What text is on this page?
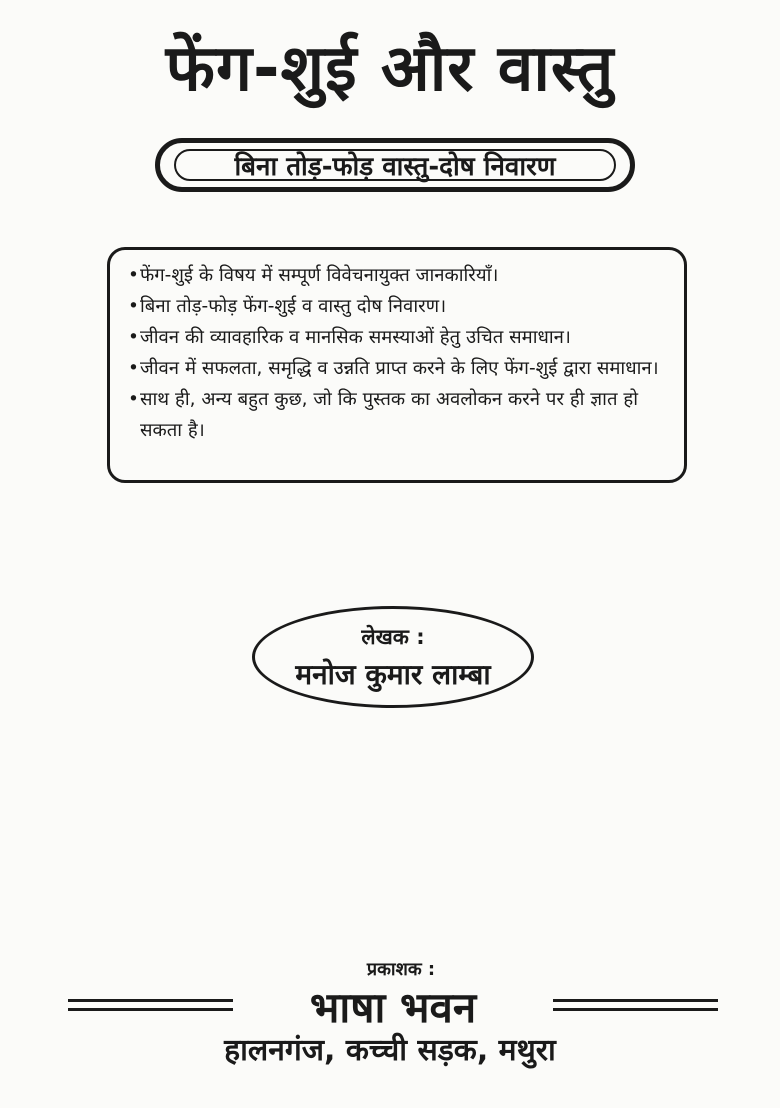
फेंग-शुई और वास्तु
बिना तोड़-फोड़ वास्तु-दोष निवारण
• फेंग-शुई के विषय में सम्पूर्ण विवेचनायुक्त जानकारियाँ।
• बिना तोड़-फोड़ फेंग-शुई व वास्तु दोष निवारण।
• जीवन की व्यावहारिक व मानसिक समस्याओं हेतु उचित समाधान।
• जीवन में सफलता, समृद्धि व उन्नति प्राप्त करने के लिए फेंग-शुई द्वारा समाधान।
• साथ ही, अन्य बहुत कुछ, जो कि पुस्तक का अवलोकन करने पर ही ज्ञात हो सकता है।
लेखक :
मनोज कुमार लाम्बा
प्रकाशक :
भाषा भवन
हालनगंज, कच्ची सड़क, मथुरा
